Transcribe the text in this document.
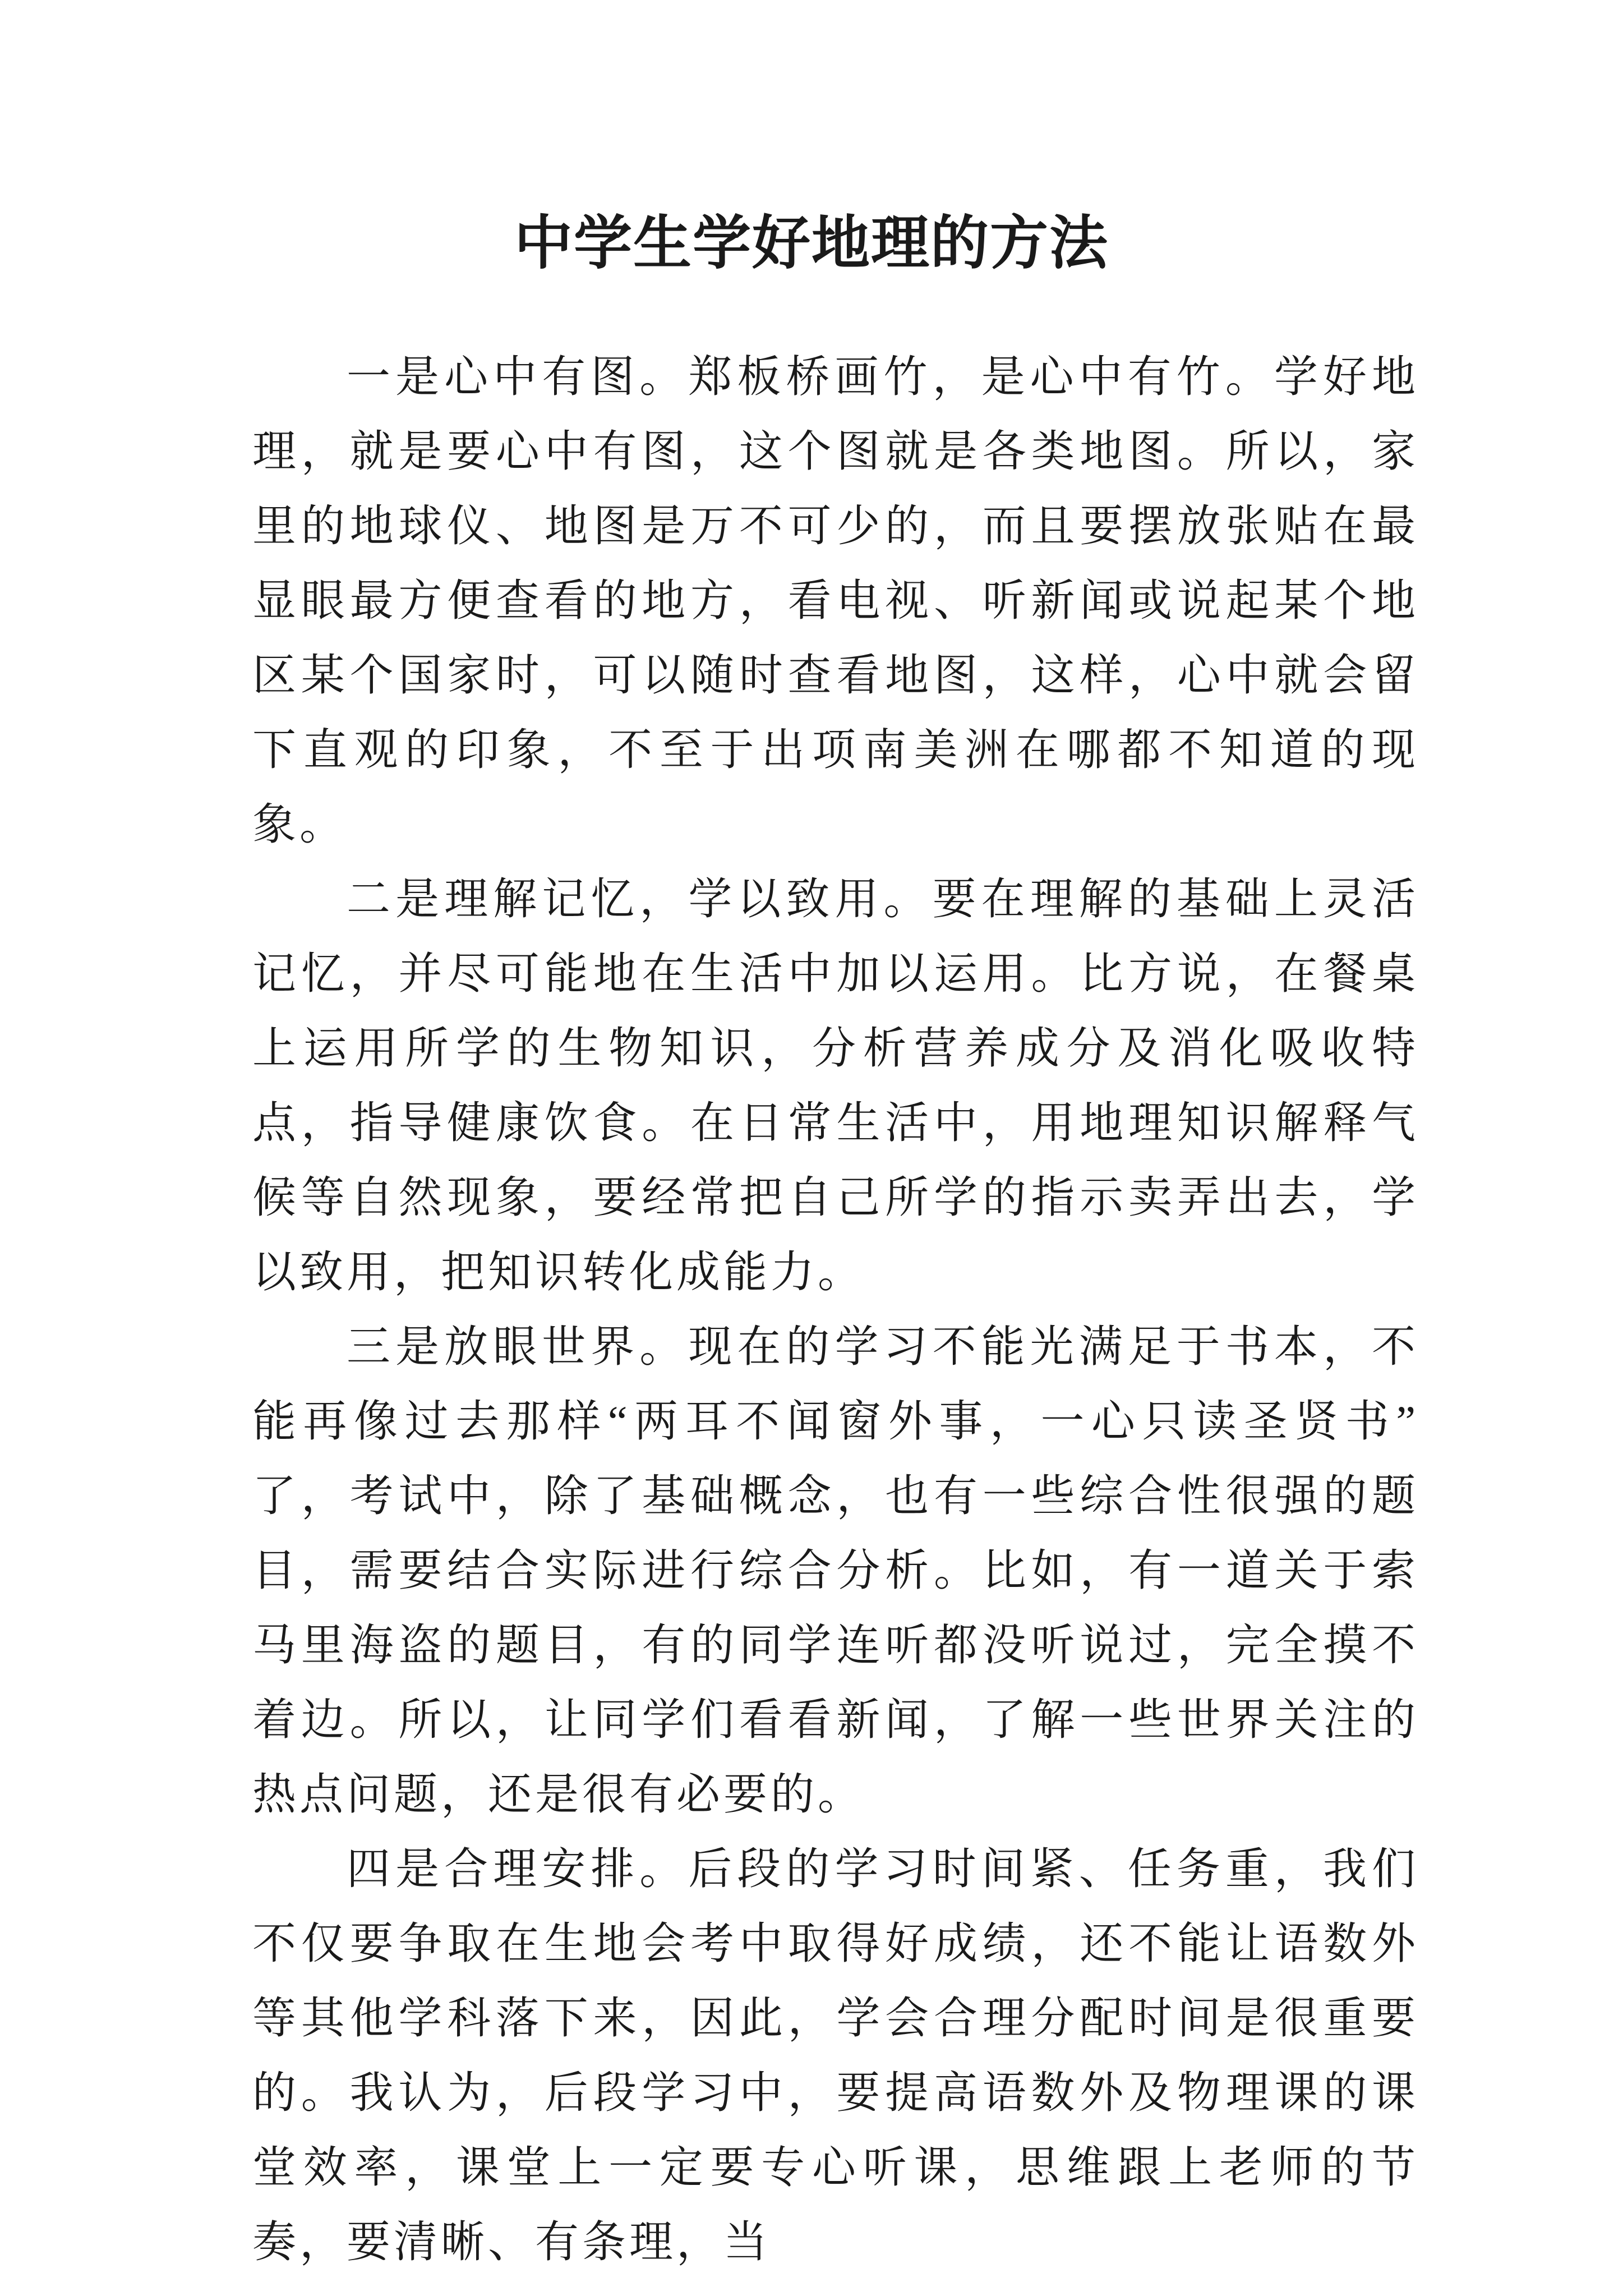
中学生学好地理的方法

一是心中有图。郑板桥画竹，是心中有竹。学好地理，就是要心中有图，这个图就是各类地图。所以，家里的地球仪、地图是万不可少的，而且要摆放张贴在最显眼最方便查看的地方，看电视、听新闻或说起某个地区某个国家时，可以随时查看地图，这样，心中就会留下直观的印象，不至于出项南美洲在哪都不知道的现象。

二是理解记忆，学以致用。要在理解的基础上灵活记忆，并尽可能地在生活中加以运用。比方说，在餐桌上运用所学的生物知识，分析营养成分及消化吸收特点，指导健康饮食。在日常生活中，用地理知识解释气候等自然现象，要经常把自己所学的指示卖弄出去，学以致用，把知识转化成能力。

三是放眼世界。现在的学习不能光满足于书本，不能再像过去那样“两耳不闻窗外事，一心只读圣贤书” 了，考试中，除了基础概念，也有一些综合性很强的题目，需要结合实际进行综合分析。比如，有一道关于索马里海盗的题目，有的同学连听都没听说过，完全摸不着边。所以，让同学们看看新闻，了解一些世界关注的热点问题，还是很有必要的。

四是合理安排。后段的学习时间紧、任务重，我们不仅要争取在生地会考中取得好成绩，还不能让语数外等其他学科落下来，因此，学会合理分配时间是很重要的。我认为，后段学习中，要提高语数外及物理课的课堂效率，课堂上一定要专心听课，思维跟上老师的节奏，要清晰、有条理，当
